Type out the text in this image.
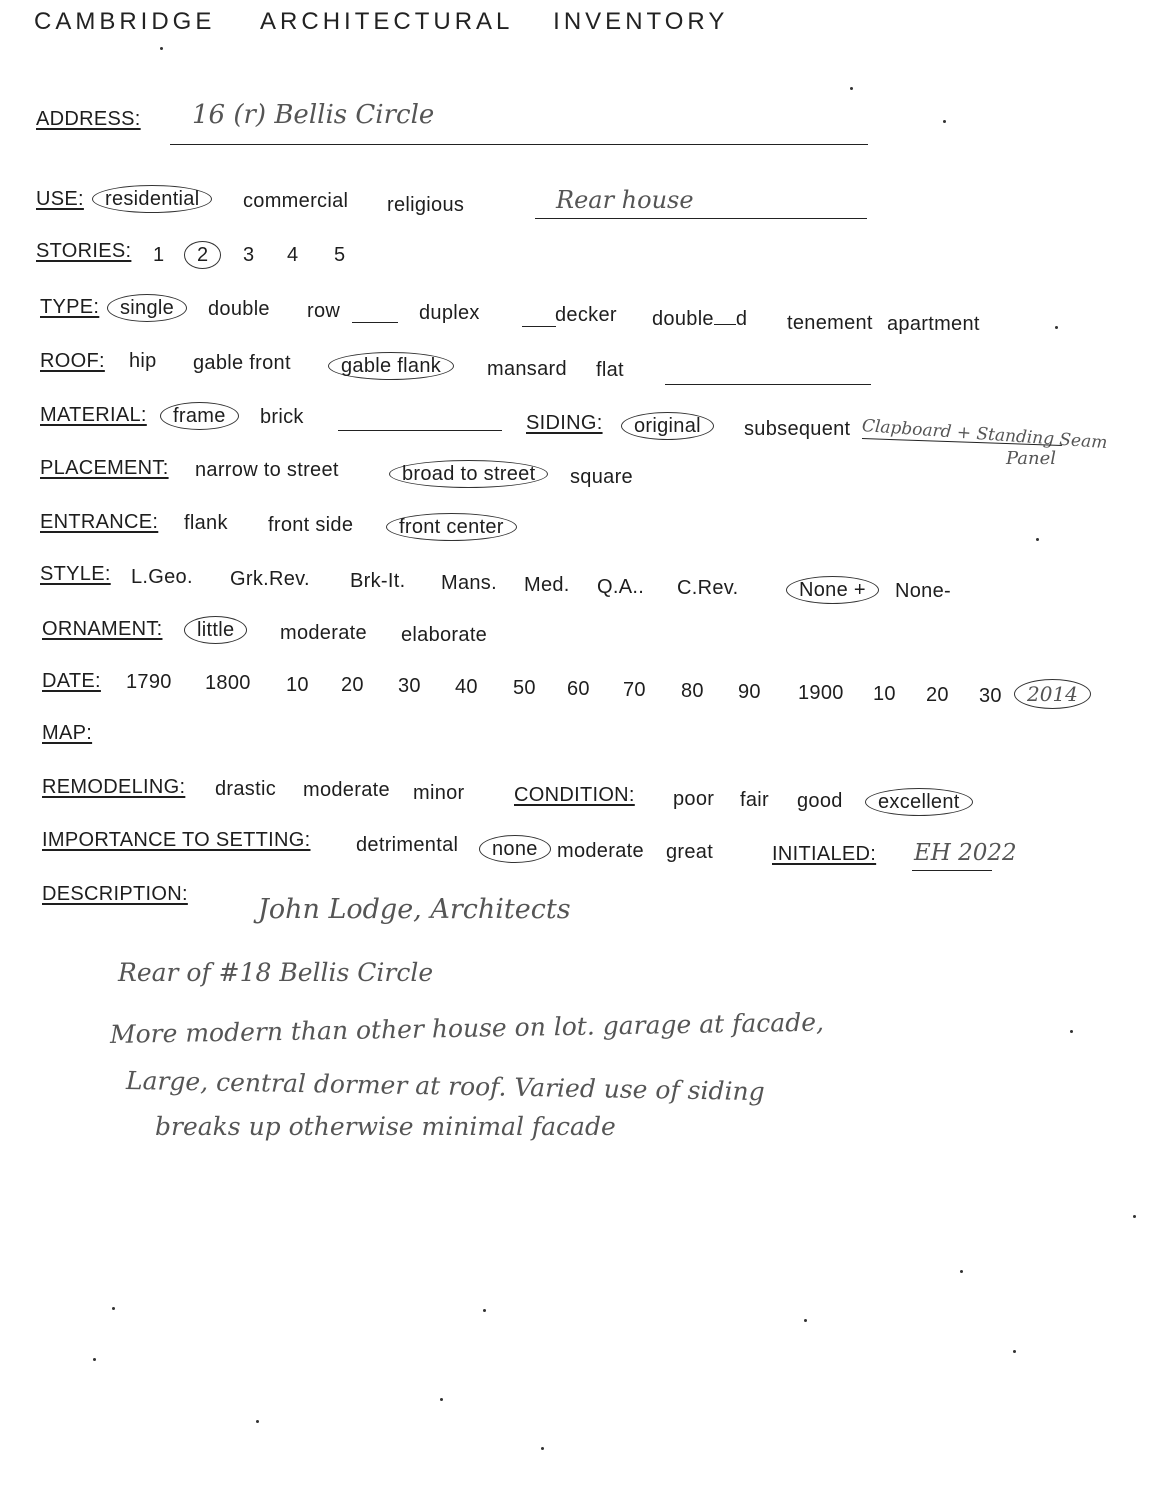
CAMBRIDGE ARCHITECTURAL INVENTORY
ADDRESS: 16 (r) Bellis Circle
USE: residential	commercial religious	Rear house
STORIES: 1 2	3 4 5
TYPE: single	double row	duplex	decker double d tenement apartment
ROOF: hip gable front	gable flank	mansard flat
MATERIAL: frame	brick	SIDING: original	subsequent Clapboard + Standing Seam
Panel
PLACEMENT: narrow to street	broad to street	square
ENTRANCE: flank front side front center
STYLE: L.Geo. Grk.Rev. Brk-It. Mans. Med. Q.A.. C.Rev.	None +	None-
ORNAMENT: little	moderate elaborate
DATE: 1790 1800 10 20 30 40 50 60 70 80 90 1900 10 20 30 2014
MAP:
REMODELING: drastic moderate minor CONDITION: poor fair good excellent
IMPORTANCE TO SETTING: detrimental none moderate great	INITIALED: EH 2022
DESCRIPTION:	John Lodge, Architects
Rear of #18 Bellis Circle
More modern than other house on lot. garage at facade,
Large, central dormer at roof. Varied use of siding
breaks up otherwise minimal facade
